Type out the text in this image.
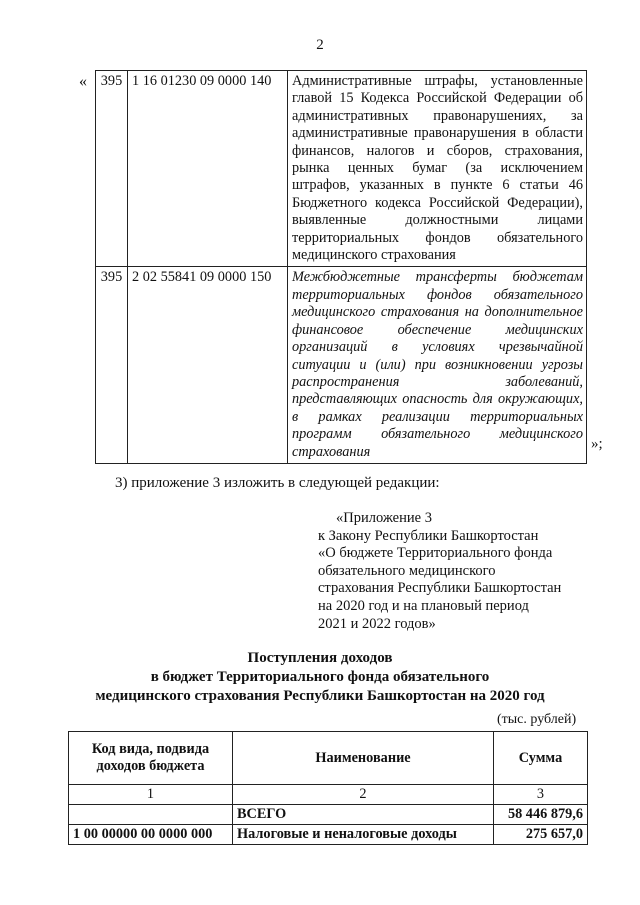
2
« 395	1 16 01230 09 0000 140	Административные штрафы, установленные главой 15 Кодекса Российской Федерации об административных правонарушениях, за административные правонарушения в области финансов, налогов и сборов, страхования, рынка ценных бумаг (за исключением штрафов, указанных в пункте 6 статьи 46 Бюджетного кодекса Российской Федерации), выявленные должностными лицами территориальных фондов обязательного медицинского страхования
395	2 02 55841 09 0000 150	Межбюджетные трансферты бюджетам территориальных фондов обязательного медицинского страхования на дополнительное финансовое обеспечение медицинских организаций в условиях чрезвычайной ситуации и (или) при возникновении угрозы распространения заболеваний, представляющих опасность для окружающих, в рамках реализации территориальных программ обязательного медицинского страхования	»;
3) приложение 3 изложить в следующей редакции:
«Приложение 3
к Закону Республики Башкортостан
«О бюджете Территориального фонда
обязательного медицинского
страхования Республики Башкортостан
на 2020 год и на плановый период
2021 и 2022 годов»
Поступления доходов
в бюджет Территориального фонда обязательного
медицинского страхования Республики Башкортостан на 2020 год
(тыс. рублей)
Код вида, подвида доходов бюджета	Наименование	Сумма
1	2	3
	ВСЕГО	58 446 879,6
1 00 00000 00 0000 000	Налоговые и неналоговые доходы	275 657,0
